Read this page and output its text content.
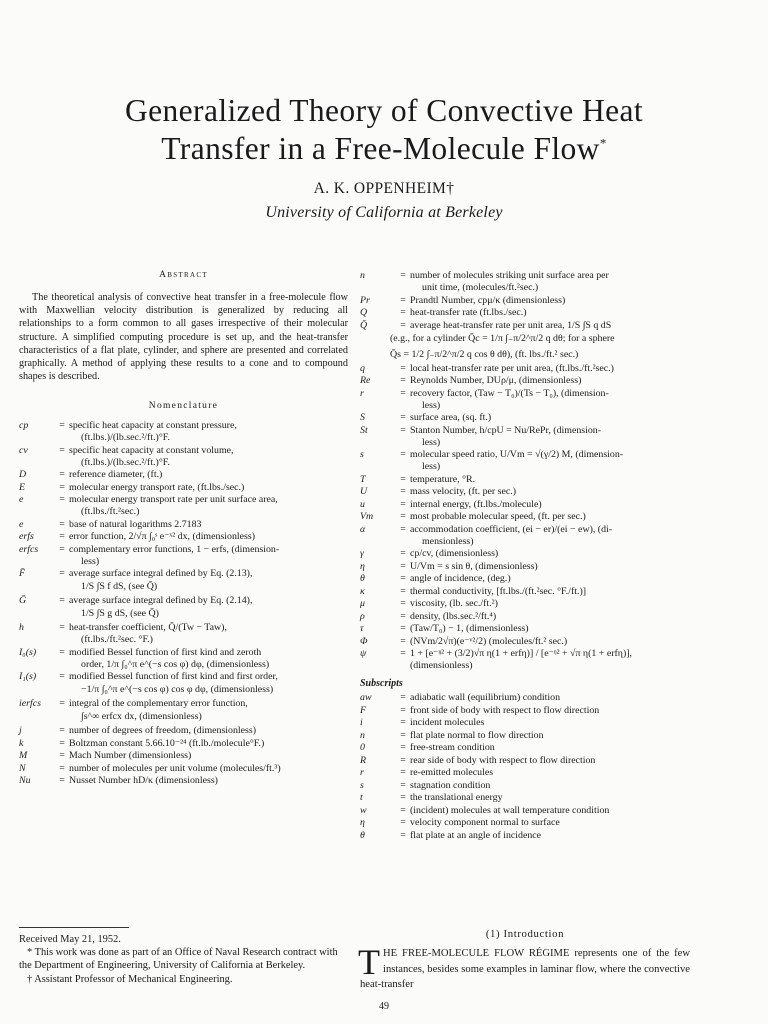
Generalized Theory of Convective Heat
Transfer in a Free-Molecule Flow*
A. K. OPPENHEIM†
University of California at Berkeley
Abstract

The theoretical analysis of convective heat transfer in a free-molecule flow with Maxwellian velocity distribution is generalized by reducing all relationships to a form common to all gases irrespective of their molecular structure. A simplified computing procedure is set up, and the heat-transfer characteristics of a flat plate, cylinder, and sphere are presented and correlated graphically. A method of applying these results to a cone and to compound shapes is described.

Nomenclature
cp	= specific heat capacity at constant pressure,
(ft.lbs.)/(lb.sec.²/ft.)°F.
cv	= specific heat capacity at constant volume,
(ft.lbs.)/(lb.sec.²/ft.)°F.
D	= reference diameter, (ft.)
E	= molecular energy transport rate, (ft.lbs./sec.)
e	= molecular energy transport rate per unit surface area,
(ft.lbs./ft.²sec.)
e	= base of natural logarithms 2.7183
erfs	= error function, 2/√π ∫₀ˢ e⁻ˣ² dx, (dimensionless)
erfcs	= complementary error functions, 1 − erfs, (dimension-
less)
F̄	= average surface integral defined by Eq. (2.13),
1/S ∫S f dS, (see Q̄)
Ḡ	= average surface integral defined by Eq. (2.14),
1/S ∫S g dS, (see Q̄)
h	= heat-transfer coefficient, Q̄/(Tw − Taw),
(ft.lbs./ft.²sec. °F.)
I₀(s)	= modified Bessel function of first kind and zeroth
order, 1/π ∫₀^π e^(−s cos φ) dφ, (dimensionless)
I₁(s)	= modified Bessel function of first kind and first order,
−1/π ∫₀^π e^(−s cos φ) cos φ dφ, (dimensionless)
ierfcs	= integral of the complementary error function,
∫s^∞ erfcx dx, (dimensionless)
j	= number of degrees of freedom, (dimensionless)
k	= Boltzman constant 5.66.10⁻²⁴ (ft.lb./molecule°F.)
M	= Mach Number (dimensionless)
N	= number of molecules per unit volume (molecules/ft.³)
Nu	= Nusset Number hD/κ (dimensionless)
n	= number of molecules striking unit surface area per
unit time, (molecules/ft.²sec.)
Pr	= Prandtl Number, cpμ/κ (dimensionless)
Q	= heat-transfer rate (ft.lbs./sec.)
Q̄	= average heat-transfer rate per unit area, 1/S ∫S q dS
(e.g., for a cylinder Q̄c = 1/π ∫₋π/2^π/2 q dθ; for a sphere
Q̄s = 1/2 ∫₋π/2^π/2 q cos θ dθ), (ft. lbs./ft.² sec.)
q	= local heat-transfer rate per unit area, (ft.lbs./ft.²sec.)
Re	= Reynolds Number, DUρ/μ, (dimensionless)
r	= recovery factor, (Taw − T₀)/(Ts − T₀), (dimension-
less)
S	= surface area, (sq. ft.)
St	= Stanton Number, h/cpU = Nu/RePr, (dimension-
less)
s	= molecular speed ratio, U/Vm = √(γ/2) M, (dimension-
less)
T	= temperature, °R.
U	= mass velocity, (ft. per sec.)
u	= internal energy, (ft.lbs./molecule)
Vm	= most probable molecular speed, (ft. per sec.)
α	= accommodation coefficient, (ei − er)/(ei − ew), (di-
mensionless)
γ	= cp/cv, (dimensionless)
η	= U/Vm = s sin θ, (dimensionless)
θ	= angle of incidence, (deg.)
κ	= thermal conductivity, [ft.lbs./(ft.²sec. °F./ft.)]
μ	= viscosity, (lb. sec./ft.²)
ρ	= density, (lbs.sec.²/ft.⁴)
τ	= (Taw/T₀) − 1, (dimensionless)
Φ	= (NVm/2√π)(e⁻ᵛ²/2) (molecules/ft.² sec.)
ψ	= 1 + [e⁻ᵑ² + (3/2)√π η(1 + erfη)] / [e⁻ᵑ² + √π η(1 + erfη)], (dimensionless)
Subscripts
aw	= adiabatic wall (equilibrium) condition
F	= front side of body with respect to flow direction
i	= incident molecules
n	= flat plate normal to flow direction
0	= free-stream condition
R	= rear side of body with respect to flow direction
r	= re-emitted molecules
s	= stagnation condition
t	= the translational energy
w	= (incident) molecules at wall temperature condition
η	= velocity component normal to surface
θ	= flat plate at an angle of incidence

Received May 21, 1952.

* This work was done as part of an Office of Naval Research contract with the Department of Engineering, University of California at Berkeley.

† Assistant Professor of Mechanical Engineering.

(1) Introduction
THE FREE-MOLECULE FLOW RÉGIME represents one of the few instances, besides some examples in laminar flow, where the convective heat-transfer
49
